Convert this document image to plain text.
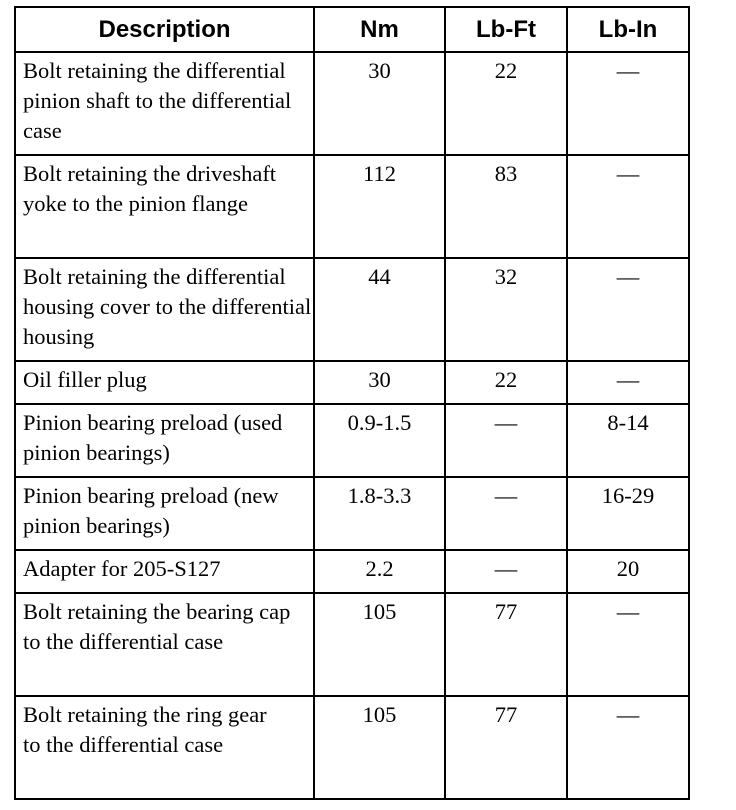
Description	Nm	Lb-Ft	Lb-In

Bolt retaining the differential pinion shaft to the differential case	30	22	—

Bolt retaining the driveshaft yoke to the pinion flange	112	83	—

Bolt retaining the differential housing cover to the differential housing	44	32	—

Oil filler plug	30	22	—

Pinion bearing preload (used pinion bearings)	0.9-1.5	—	8-14

Pinion bearing preload (new pinion bearings)	1.8-3.3	—	16-29

Adapter for 205-S127	2.2	—	20

Bolt retaining the bearing cap to the differential case	105	77	—

Bolt retaining the ring gear to the differential case	105	77	—
